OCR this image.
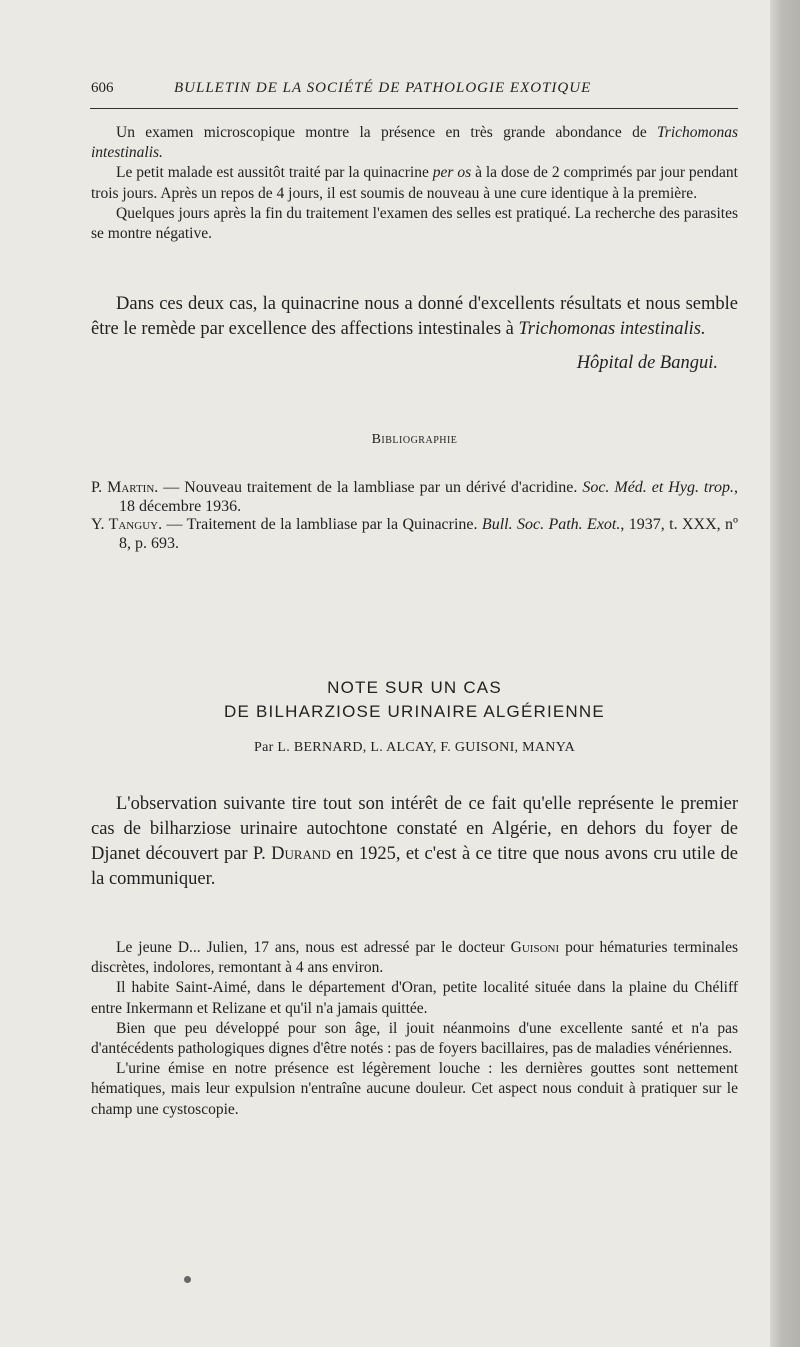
606	BULLETIN DE LA SOCIÉTÉ DE PATHOLOGIE EXOTIQUE

Un examen microscopique montre la présence en très grande abondance de Trichomonas intestinalis.

Le petit malade est aussitôt traité par la quinacrine per os à la dose de 2 comprimés par jour pendant trois jours. Après un repos de 4 jours, il est soumis de nouveau à une cure identique à la première.

Quelques jours après la fin du traitement l'examen des selles est pratiqué. La recherche des parasites se montre négative.

Dans ces deux cas, la quinacrine nous a donné d'excellents résultats et nous semble être le remède par excellence des affections intestinales à Trichomonas intestinalis.

Hôpital de Bangui.

Bibliographie

P. Martin. — Nouveau traitement de la lambliase par un dérivé d'acridine. Soc. Méd. et Hyg. trop., 18 décembre 1936.

Y. Tanguy. — Traitement de la lambliase par la Quinacrine. Bull. Soc. Path. Exot., 1937, t. XXX, nº 8, p. 693.

NOTE SUR UN CAS
DE BILHARZIOSE URINAIRE ALGÉRIENNE
Par L. BERNARD, L. ALCAY, F. GUISONI, MANYA

L'observation suivante tire tout son intérêt de ce fait qu'elle représente le premier cas de bilharziose urinaire autochtone constaté en Algérie, en dehors du foyer de Djanet découvert par P. Durand en 1925, et c'est à ce titre que nous avons cru utile de la communiquer.

Le jeune D... Julien, 17 ans, nous est adressé par le docteur Guisoni pour hématuries terminales discrètes, indolores, remontant à 4 ans environ.

Il habite Saint-Aimé, dans le département d'Oran, petite localité située dans la plaine du Chéliff entre Inkermann et Relizane et qu'il n'a jamais quittée.

Bien que peu développé pour son âge, il jouit néanmoins d'une excellente santé et n'a pas d'antécédents pathologiques dignes d'être notés : pas de foyers bacillaires, pas de maladies vénériennes.

L'urine émise en notre présence est légèrement louche : les dernières gouttes sont nettement hématiques, mais leur expulsion n'entraîne aucune douleur. Cet aspect nous conduit à pratiquer sur le champ une cystoscopie.
